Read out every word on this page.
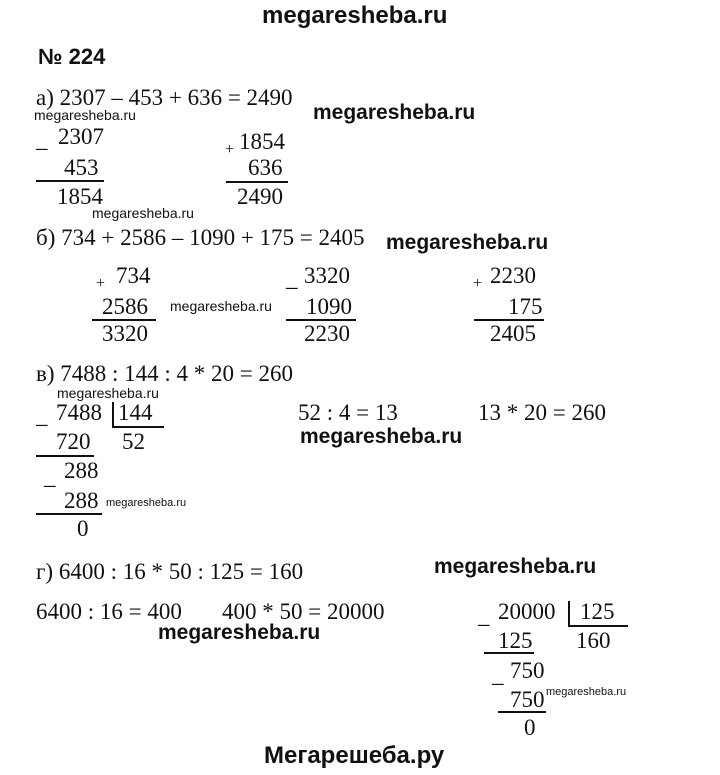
megaresheba.ru
№ 224
а) 2307 – 453 + 636 = 2490
megaresheba.ru
megaresheba.ru
_ 2307
453
1854
+ 1854
636
2490
megaresheba.ru
б) 734 + 2586 – 1090 + 175 = 2405 megaresheba.ru
+ 734
2586
3320
megaresheba.ru
_ 3320
1090
2230
+ 2230
175
2405
в) 7488 : 144 : 4 * 20 = 260
megaresheba.ru
_ 7488 144
52
720
_ 288
288 megaresheba.ru
0
52 : 4 = 13	13 * 20 = 260
megaresheba.ru
г) 6400 : 16 * 50 : 125 = 160	megaresheba.ru
6400 : 16 = 400 400 * 50 = 20000
megaresheba.ru
_ 20000 125
160
125
_ 750
750 megaresheba.ru
0
Мегарешеба.ру
